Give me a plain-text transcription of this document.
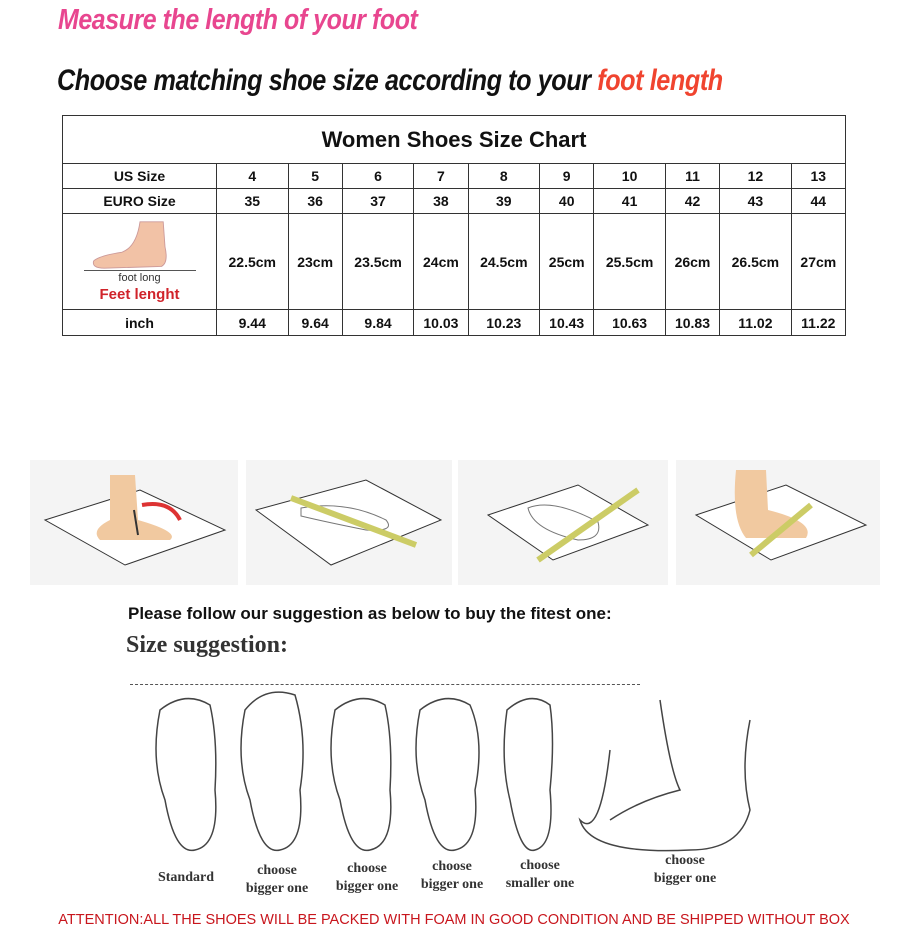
Measure the length of your foot
Choose matching shoe size according to your foot length
Women Shoes Size Chart										
US Size	4	5	6	7	8	9	10	11	12	13
EURO Size	35	36	37	38	39	40	41	42	43	44

foot long
Feet lenght	22.5cm	23cm	23.5cm	24cm	24.5cm	25cm	25.5cm	26cm	26.5cm	27cm
inch	9.44	9.64	9.84	10.03	10.23	10.43	10.63	10.83	11.02	11.22
Please follow our suggestion as below to buy the fitest one:
Size suggestion:
Standard	choose
bigger one
choose
bigger one
choose
bigger one
choose
smaller one
choose
bigger one
ATTENTION:ALL THE SHOES WILL BE PACKED WITH FOAM IN GOOD CONDITION AND BE SHIPPED WITHOUT BOX
